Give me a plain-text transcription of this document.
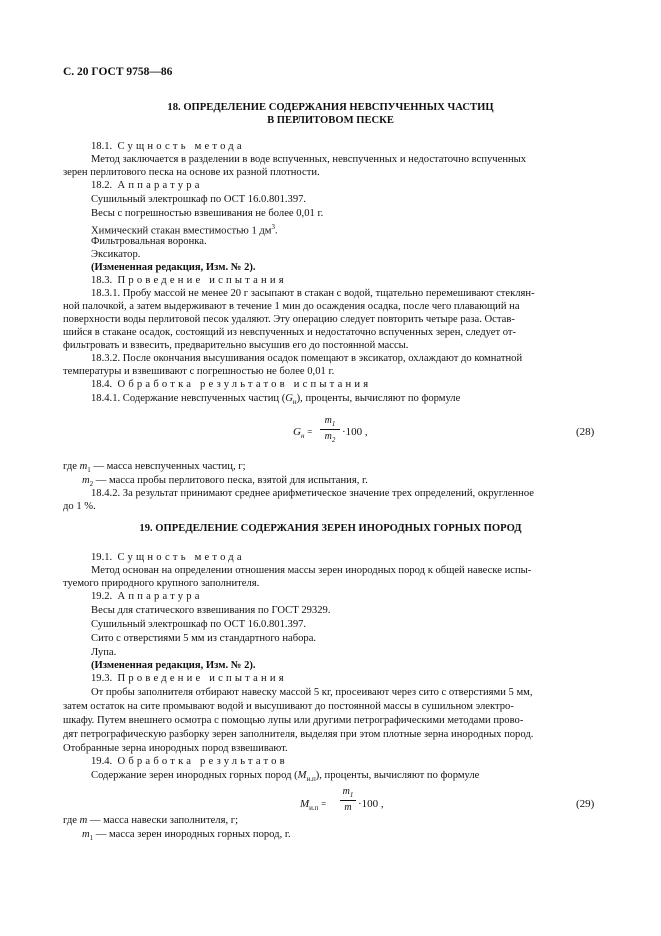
С. 20 ГОСТ 9758—86
18. ОПРЕДЕЛЕНИЕ СОДЕРЖАНИЯ НЕВСПУЧЕННЫХ ЧАСТИЦ
В ПЕРЛИТОВОМ ПЕСКЕ
18.1. Сущность метода
Метод заключается в разделении в воде вспученных, невспученных и недостаточно вспученных
зерен перлитового песка на основе их разной плотности.
18.2. Аппаратура
Сушильный электрошкаф по ОСТ 16.0.801.397.
Весы с погрешностью взвешивания не более 0,01 г.
Химический стакан вместимостью 1 $дм^3$.
Фильтровальная воронка.
Эксикатор.
(Измененная редакция, Изм. № 2).
18.3. Проведение испытания
18.3.1. Пробу массой не менее 20 г засыпают в стакан с водой, тщательно перемешивают стеклян-
ной палочкой, а затем выдерживают в течение 1 мин до осаждения осадка, после чего плавающий на
поверхности воды перлитовой песок удаляют. Эту операцию следует повторить четыре раза. Остав-
шийся в стакане осадок, состоящий из невспученных и недостаточно вспученных зерен, следует от-
фильтровать и взвесить, предварительно высушив его до постоянной массы.
18.3.2. После окончания высушивания осадок помещают в эксикатор, охлаждают до комнатной
температуры и взвешивают с погрешностью не более 0,01 г.
18.4. Обработка результатов испытания
18.4.1. Содержание невспученных частиц $(G_н)$, проценты, вычисляют по формуле
$G_н$ =
$m_1$
$m_2$
·100 ,	(28)
где $m_1$ — масса невспученных частиц, г;
$m_2$ — масса пробы перлитового песка, взятой для испытания, г.
18.4.2. За результат принимают среднее арифметическое значение трех определений, округленное
до 1 %.
19. ОПРЕДЕЛЕНИЕ СОДЕРЖАНИЯ ЗЕРЕН ИНОРОДНЫХ ГОРНЫХ ПОРОД
19.1. Сущность метода
Метод основан на определении отношения массы зерен инородных пород к общей навеске испы-
туемого природного крупного заполнителя.
19.2. Аппаратура
Весы для статического взвешивания по ГОСТ 29329.
Сушильный электрошкаф по ОСТ 16.0.801.397.
Сито с отверстиями 5 мм из стандартного набора.
Лупа.
(Измененная редакция, Изм. № 2).
19.3. Проведение испытания
От пробы заполнителя отбирают навеску массой 5 кг, просеивают через сито с отверстиями 5 мм,
затем остаток на сите промывают водой и высушивают до постоянной массы в сушильном электро-
шкафу. Путем внешнего осмотра с помощью лупы или другими петрографическими методами прово-
дят петрографическую разборку зерен заполнителя, выделяя при этом плотные зерна инородных пород.
Отобранные зерна инородных пород взвешивают.
19.4. Обработка результатов
Содержание зерен инородных горных пород $(M_{и.п})$, проценты, вычисляют по формуле
$M_{и.п}$ =
$m_1$
m ·100 ,	(29)
где m — масса навески заполнителя, г;
$m_1$ — масса зерен инородных горных пород, г.
